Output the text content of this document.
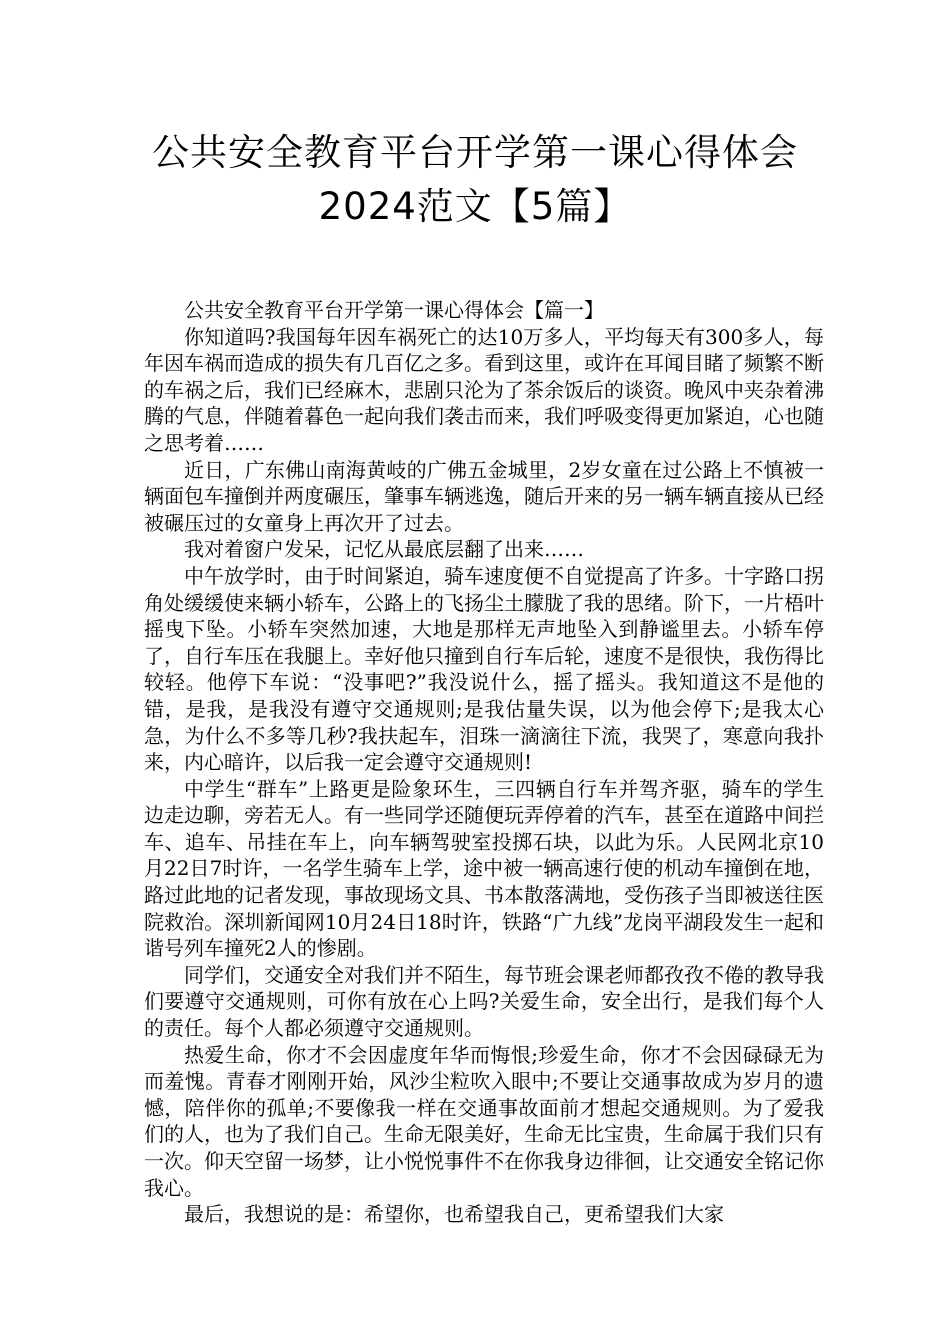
公共安全教育平台开学第一课心得体会
2024范文【5篇】

公共安全教育平台开学第一课心得体会【篇一】

你知道吗?我国每年因车祸死亡的达10万多人，平均每天有300多人，每年因车祸而造成的损失有几百亿之多。看到这里，或许在耳闻目睹了频繁不断的车祸之后，我们已经麻木，悲剧只沦为了茶余饭后的谈资。晚风中夹杂着沸腾的气息，伴随着暮色一起向我们袭击而来，我们呼吸变得更加紧迫，心也随之思考着……

近日，广东佛山南海黄岐的广佛五金城里，2岁女童在过公路上不慎被一辆面包车撞倒并两度碾压，肇事车辆逃逸，随后开来的另一辆车辆直接从已经被碾压过的女童身上再次开了过去。

我对着窗户发呆，记忆从最底层翻了出来……

中午放学时，由于时间紧迫，骑车速度便不自觉提高了许多。十字路口拐角处缓缓使来辆小轿车，公路上的飞扬尘土朦胧了我的思绪。阶下，一片梧叶摇曳下坠。小轿车突然加速，大地是那样无声地坠入到静谧里去。小轿车停了，自行车压在我腿上。幸好他只撞到自行车后轮，速度不是很快，我伤得比较轻。他停下车说：“没事吧?”我没说什么，摇了摇头。我知道这不是他的错，是我，是我没有遵守交通规则;是我估量失误，以为他会停下;是我太心急，为什么不多等几秒?我扶起车，泪珠一滴滴往下流，我哭了，寒意向我扑来，内心暗许，以后我一定会遵守交通规则!

中学生“群车”上路更是险象环生，三四辆自行车并驾齐驱，骑车的学生边走边聊，旁若无人。有一些同学还随便玩弄停着的汽车，甚至在道路中间拦车、追车、吊挂在车上，向车辆驾驶室投掷石块，以此为乐。人民网北京10月22日7时许，一名学生骑车上学，途中被一辆高速行使的机动车撞倒在地，路过此地的记者发现，事故现场文具、书本散落满地，受伤孩子当即被送往医院救治。深圳新闻网10月24日18时许，铁路“广九线”龙岗平湖段发生一起和谐号列车撞死2人的惨剧。

同学们，交通安全对我们并不陌生，每节班会课老师都孜孜不倦的教导我们要遵守交通规则，可你有放在心上吗?关爱生命，安全出行，是我们每个人的责任。每个人都必须遵守交通规则。

热爱生命，你才不会因虚度年华而悔恨;珍爱生命，你才不会因碌碌无为而羞愧。青春才刚刚开始，风沙尘粒吹入眼中;不要让交通事故成为岁月的遗憾，陪伴你的孤单;不要像我一样在交通事故面前才想起交通规则。为了爱我们的人，也为了我们自己。生命无限美好，生命无比宝贵，生命属于我们只有一次。仰天空留一场梦，让小悦悦事件不在你我身边徘徊，让交通安全铭记你我心。

最后，我想说的是：希望你，也希望我自己，更希望我们大家
